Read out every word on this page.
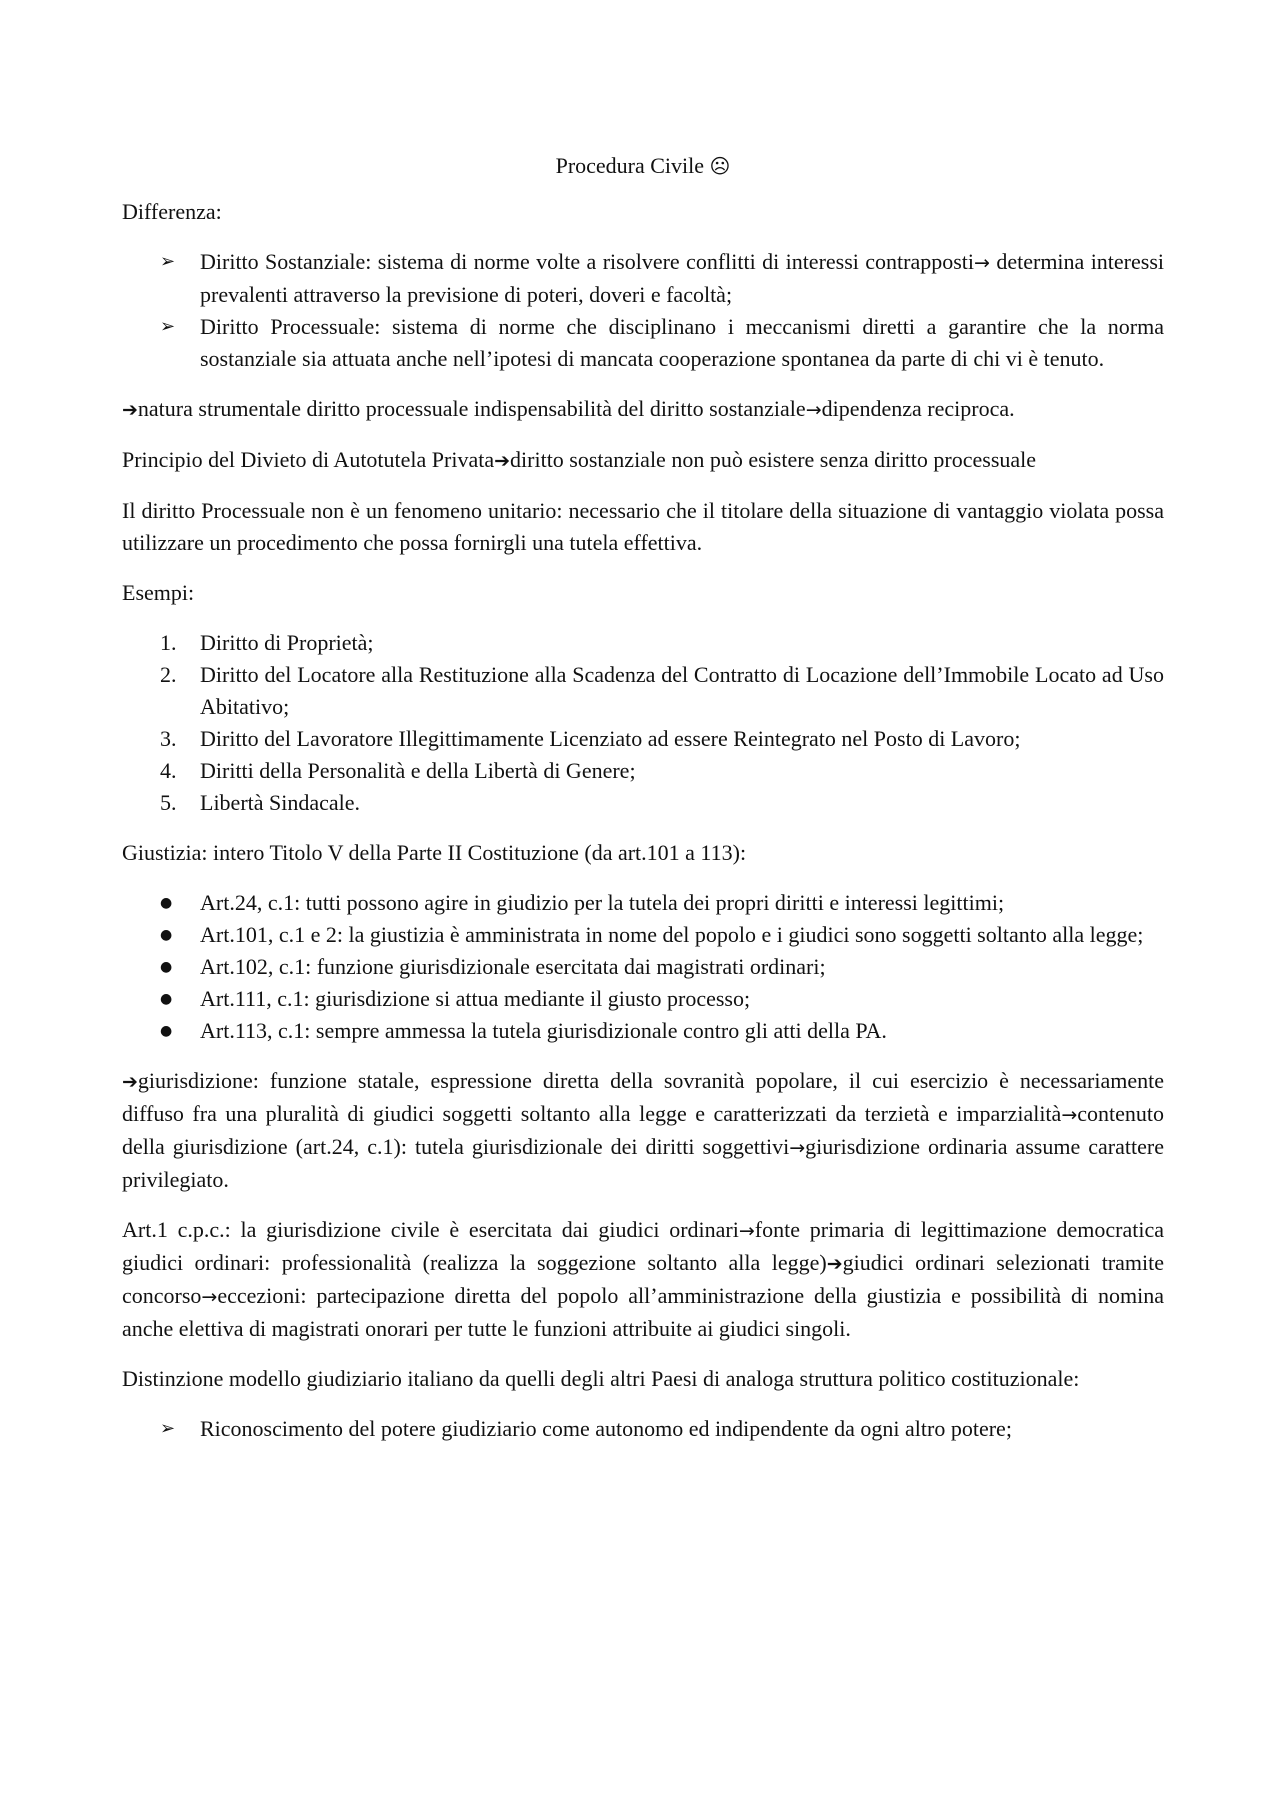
Procedura Civile ☹

Differenza:

➢ Diritto Sostanziale: sistema di norme volte a risolvere conflitti di interessi contrapposti→ determina interessi prevalenti attraverso la previsione di poteri, doveri e facoltà;
➢ Diritto Processuale: sistema di norme che disciplinano i meccanismi diretti a garantire che la norma sostanziale sia attuata anche nell’ipotesi di mancata cooperazione spontanea da parte di chi vi è tenuto.

➔natura strumentale diritto processuale indispensabilità del diritto sostanziale→dipendenza reciproca.

Principio del Divieto di Autotutela Privata➔diritto sostanziale non può esistere senza diritto processuale

Il diritto Processuale non è un fenomeno unitario: necessario che il titolare della situazione di vantaggio violata possa utilizzare un procedimento che possa fornirgli una tutela effettiva.

Esempi:

1. Diritto di Proprietà;
2. Diritto del Locatore alla Restituzione alla Scadenza del Contratto di Locazione dell’Immobile Locato ad Uso Abitativo;
3. Diritto del Lavoratore Illegittimamente Licenziato ad essere Reintegrato nel Posto di Lavoro;
4. Diritti della Personalità e della Libertà di Genere;
5. Libertà Sindacale.

Giustizia: intero Titolo V della Parte II Costituzione (da art.101 a 113):

● Art.24, c.1: tutti possono agire in giudizio per la tutela dei propri diritti e interessi legittimi;
● Art.101, c.1 e 2: la giustizia è amministrata in nome del popolo e i giudici sono soggetti soltanto alla legge;
● Art.102, c.1: funzione giurisdizionale esercitata dai magistrati ordinari;
● Art.111, c.1: giurisdizione si attua mediante il giusto processo;
● Art.113, c.1: sempre ammessa la tutela giurisdizionale contro gli atti della PA.

➔giurisdizione: funzione statale, espressione diretta della sovranità popolare, il cui esercizio è necessariamente diffuso fra una pluralità di giudici soggetti soltanto alla legge e caratterizzati da terzietà e imparzialità→contenuto della giurisdizione (art.24, c.1): tutela giurisdizionale dei diritti soggettivi→giurisdizione ordinaria assume carattere privilegiato.

Art.1 c.p.c.: la giurisdizione civile è esercitata dai giudici ordinari→fonte primaria di legittimazione democratica giudici ordinari: professionalità (realizza la soggezione soltanto alla legge)➔giudici ordinari selezionati tramite concorso→eccezioni: partecipazione diretta del popolo all’amministrazione della giustizia e possibilità di nomina anche elettiva di magistrati onorari per tutte le funzioni attribuite ai giudici singoli.

Distinzione modello giudiziario italiano da quelli degli altri Paesi di analoga struttura politico costituzionale:

➢ Riconoscimento del potere giudiziario come autonomo ed indipendente da ogni altro potere;
